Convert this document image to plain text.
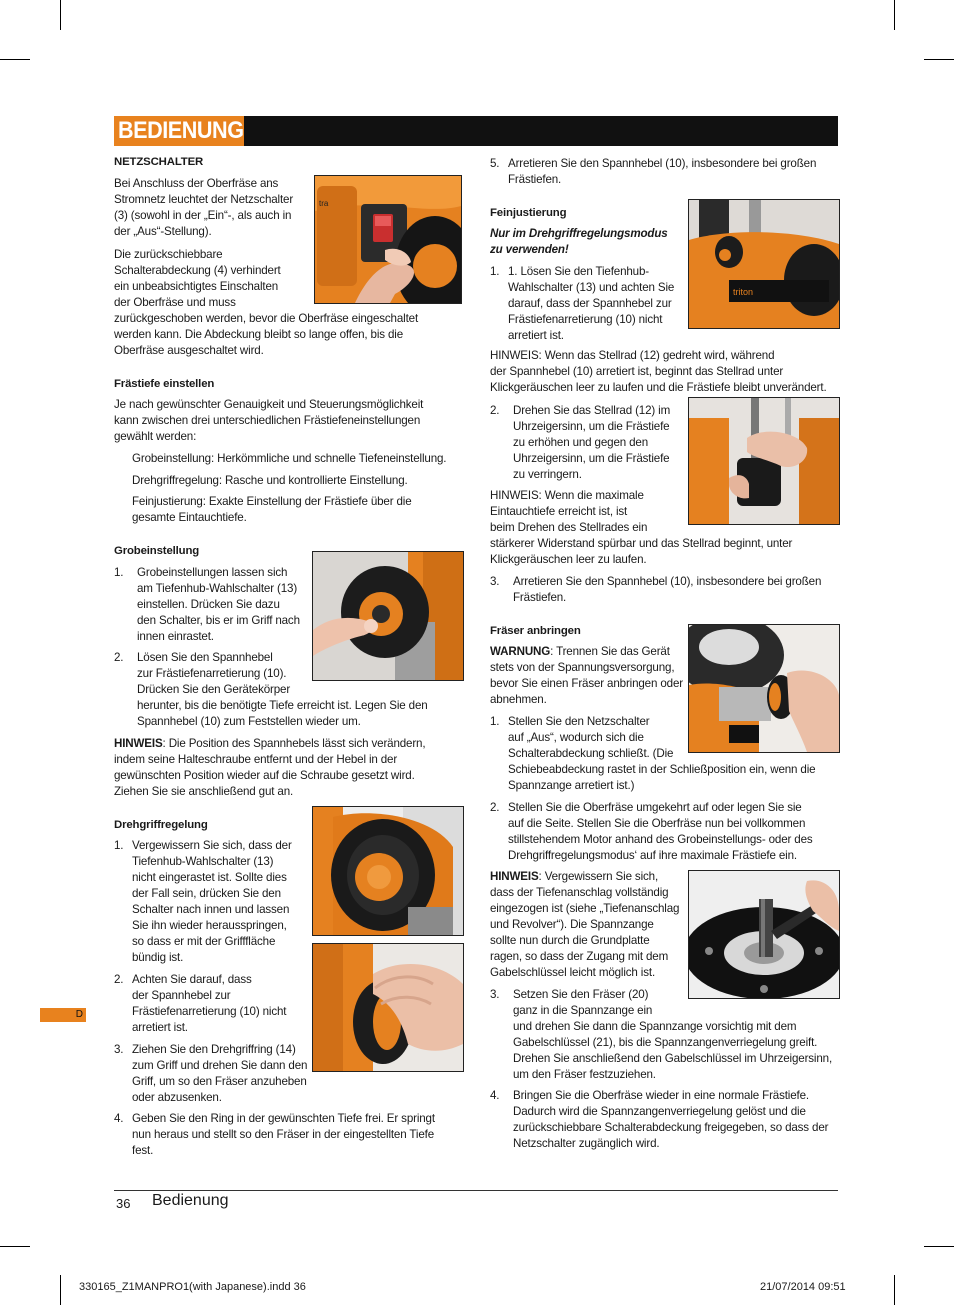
BEDIENUNG
D
NETZSCHALTER
Bei Anschluss der Oberfräse ans
Stromnetz leuchtet der Netzschalter
(3) (sowohl in der „Ein“-, als auch in
der „Aus“-Stellung).
Die zurückschiebbare
Schalterabdeckung (4) verhindert
ein unbeabsichtigtes Einschalten
der Oberfräse und muss
zurückgeschoben werden, bevor die Oberfräse eingeschaltet
werden kann. Die Abdeckung bleibt so lange offen, bis die
Oberfräse ausgeschaltet wird.
Frästiefe einstellen
Je nach gewünschter Genauigkeit und Steuerungsmöglichkeit
kann zwischen drei unterschiedlichen Frästiefeneinstellungen
gewählt werden:
Grobeinstellung: Herkömmliche und schnelle Tiefeneinstellung.
Drehgriffregelung: Rasche und kontrollierte Einstellung.
Feinjustierung: Exakte Einstellung der Frästiefe über die
gesamte Eintauchtiefe.
Grobeinstellung
1. Grobeinstellungen lassen sich
am Tiefenhub-Wahlschalter (13)
einstellen. Drücken Sie dazu
den Schalter, bis er im Griff nach
innen einrastet.
2. Lösen Sie den Spannhebel
zur Frästiefenarretierung (10).
Drücken Sie den Gerätekörper
herunter, bis die benötigte Tiefe erreicht ist. Legen Sie den
Spannhebel (10) zum Feststellen wieder um.
HINWEIS: Die Position des Spannhebels lässt sich verändern,
indem seine Halteschraube entfernt und der Hebel in der
gewünschten Position wieder auf die Schraube gesetzt wird.
Ziehen Sie sie anschließend gut an.
Drehgriffregelung
1. Vergewissern Sie sich, dass der
Tiefenhub-Wahlschalter (13)
nicht eingerastet ist. Sollte dies
der Fall sein, drücken Sie den
Schalter nach innen und lassen
Sie ihn wieder herausspringen,
so dass er mit der Grifffläche
bündig ist.
2. Achten Sie darauf, dass
der Spannhebel zur
Frästiefenarretierung (10) nicht
arretiert ist.
3. Ziehen Sie den Drehgriffring (14)
zum Griff und drehen Sie dann den
Griff, um so den Fräser anzuheben
oder abzusenken.
4. Geben Sie den Ring in der gewünschten Tiefe frei. Er springt
nun heraus und stellt so den Fräser in der eingestellten Tiefe
fest.
5. Arretieren Sie den Spannhebel (10), insbesondere bei großen
Frästiefen.
Feinjustierung
Nur im Drehgriffregelungsmodus
zu verwenden!
1. 1. Lösen Sie den Tiefenhub-
Wahlschalter (13) und achten Sie
darauf, dass der Spannhebel zur
Frästiefenarretierung (10) nicht
arretiert ist.
HINWEIS: Wenn das Stellrad (12) gedreht wird, während
der Spannhebel (10) arretiert ist, beginnt das Stellrad unter
Klickgeräuschen leer zu laufen und die Frästiefe bleibt unverändert.
2. Drehen Sie das Stellrad (12) im
Uhrzeigersinn, um die Frästiefe
zu erhöhen und gegen den
Uhrzeigersinn, um die Frästiefe
zu verringern.
HINWEIS: Wenn die maximale
Eintauchtiefe erreicht ist, ist
beim Drehen des Stellrades ein
stärkerer Widerstand spürbar und das Stellrad beginnt, unter
Klickgeräuschen leer zu laufen.
3. Arretieren Sie den Spannhebel (10), insbesondere bei großen
Frästiefen.
Fräser anbringen
WARNUNG: Trennen Sie das Gerät
stets von der Spannungsversorgung,
bevor Sie einen Fräser anbringen oder
abnehmen.
1. Stellen Sie den Netzschalter
auf „Aus“, wodurch sich die
Schalterabdeckung schließt. (Die
Schiebeabdeckung rastet in der Schließposition ein, wenn die
Spannzange arretiert ist.)
2. Stellen Sie die Oberfräse umgekehrt auf oder legen Sie sie
auf die Seite. Stellen Sie die Oberfräse nun bei vollkommen
stillstehendem Motor anhand des Grobeinstellungs- oder des
Drehgriffregelungsmodus‘ auf ihre maximale Frästiefe ein.
HINWEIS: Vergewissern Sie sich,
dass der Tiefenanschlag vollständig
eingezogen ist (siehe „Tiefenanschlag
und Revolver“). Die Spannzange
sollte nun durch die Grundplatte
ragen, so dass der Zugang mit dem
Gabelschlüssel leicht möglich ist.
3. Setzen Sie den Fräser (20)
ganz in die Spannzange ein
und drehen Sie dann die Spannzange vorsichtig mit dem
Gabelschlüssel (21), bis die Spannzangenverriegelung greift.
Drehen Sie anschließend den Gabelschlüssel im Uhrzeigersinn,
um den Fräser festzuziehen.
4. Bringen Sie die Oberfräse wieder in eine normale Frästiefe.
Dadurch wird die Spannzangenverriegelung gelöst und die
zurückschiebbare Schalterabdeckung freigegeben, so dass der
Netzschalter zugänglich wird.
tra
triton
36 Bedienung
330165_Z1MANPRO1(with Japanese).indd 36	21/07/2014 09:51
